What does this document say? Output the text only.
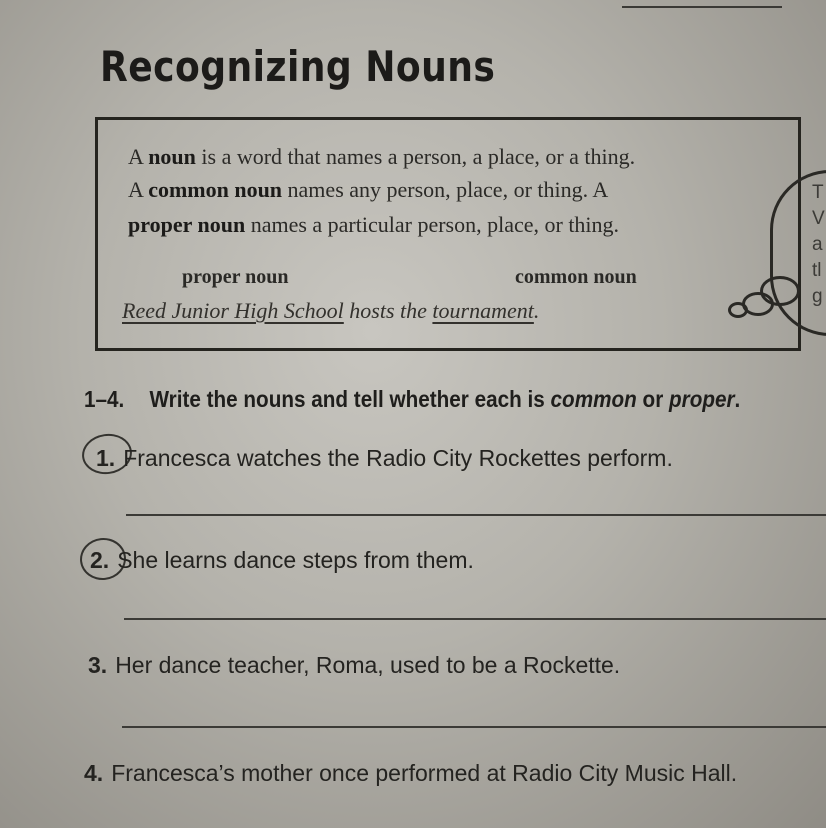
Recognizing Nouns
A noun is a word that names a person, a place, or a thing.
A common noun names any person, place, or thing. A
proper noun names a particular person, place, or thing.
proper noun	common noun
Reed Junior High School hosts the tournament.
T
V
a
tl
g
1–4. Write the nouns and tell whether each is common or proper.
1. Francesca watches the Radio City Rockettes perform.
2. She learns dance steps from them.
3. Her dance teacher, Roma, used to be a Rockette.
4. Francesca’s mother once performed at Radio City Music Hall.
